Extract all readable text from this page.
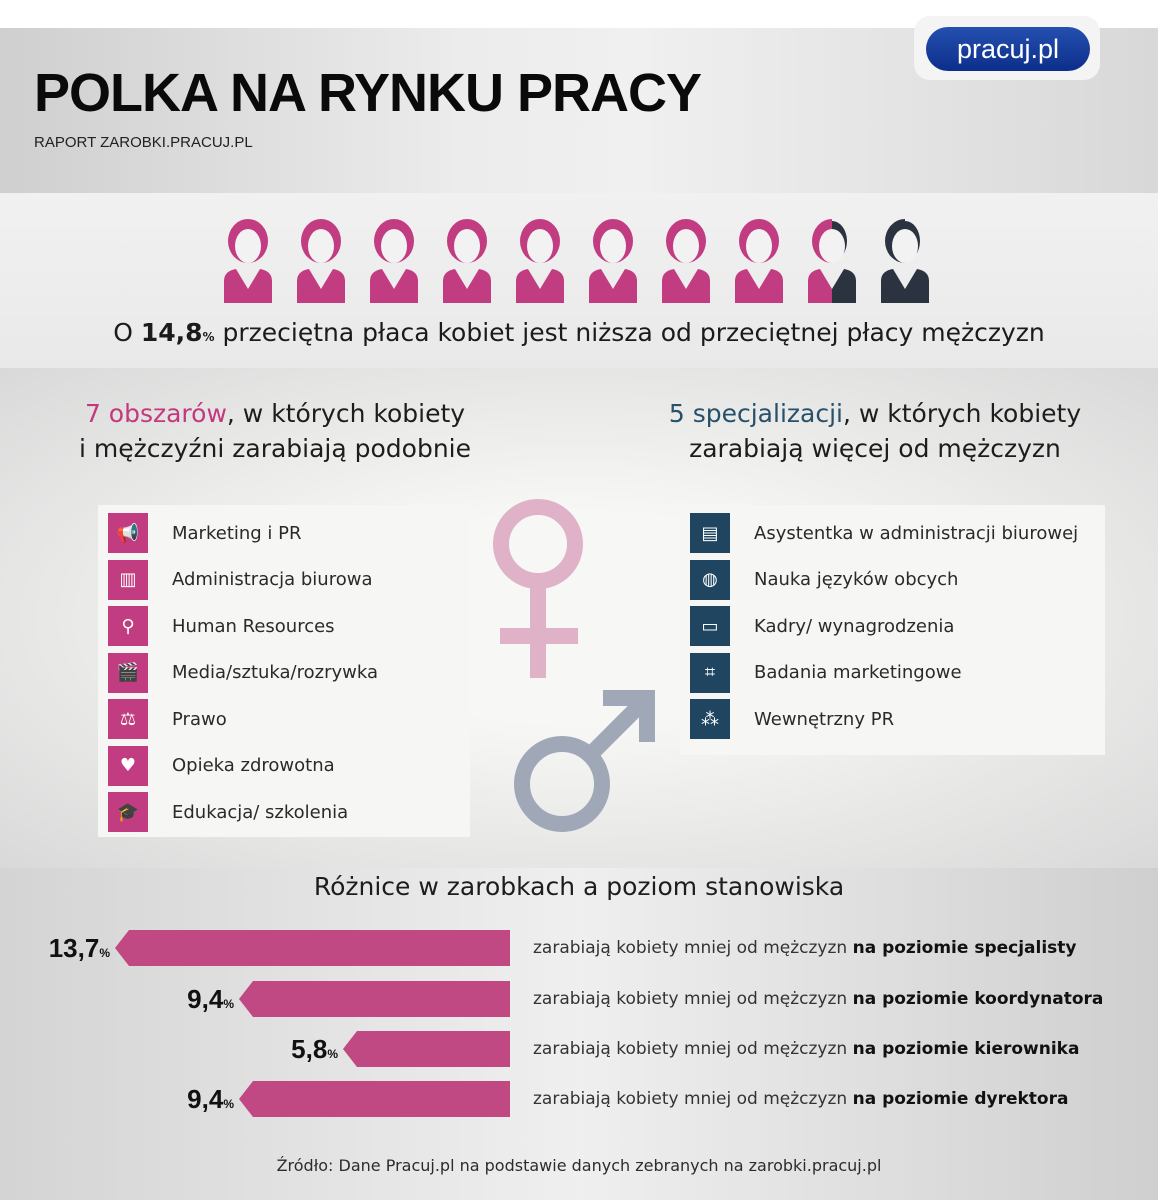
POLKA NA RYNKU PRACY
RAPORT ZAROBKI.PRACUJ.PL
pracuj.pl
O 14,8% przeciętna płaca kobiet jest niższa od przeciętnej płacy mężczyzn
7 obszarów, w których kobiety
i mężczyźni zarabiają podobnie
5 specjalizacji, w których kobiety
zarabiają więcej od mężczyzn
📢	Marketing i PR
▥	Administracja biurowa
⚲	Human Resources
🎬	Media/sztuka/rozrywka
⚖	Prawo
♥	Opieka zdrowotna
🎓	Edukacja/ szkolenia
▤	Asystentka w administracji biurowej
◍	Nauka języków obcych
▭	Kadry/ wynagrodzenia
⌗	Badania marketingowe
⁂	Wewnętrzny PR
Różnice w zarobkach a poziom stanowiska
13,7%	zarabiają kobiety mniej od mężczyzn na poziomie specjalisty
9,4%	zarabiają kobiety mniej od mężczyzn na poziomie koordynatora
5,8%	zarabiają kobiety mniej od mężczyzn na poziomie kierownika
9,4%	zarabiają kobiety mniej od mężczyzn na poziomie dyrektora
Źródło: Dane Pracuj.pl na podstawie danych zebranych na zarobki.pracuj.pl
